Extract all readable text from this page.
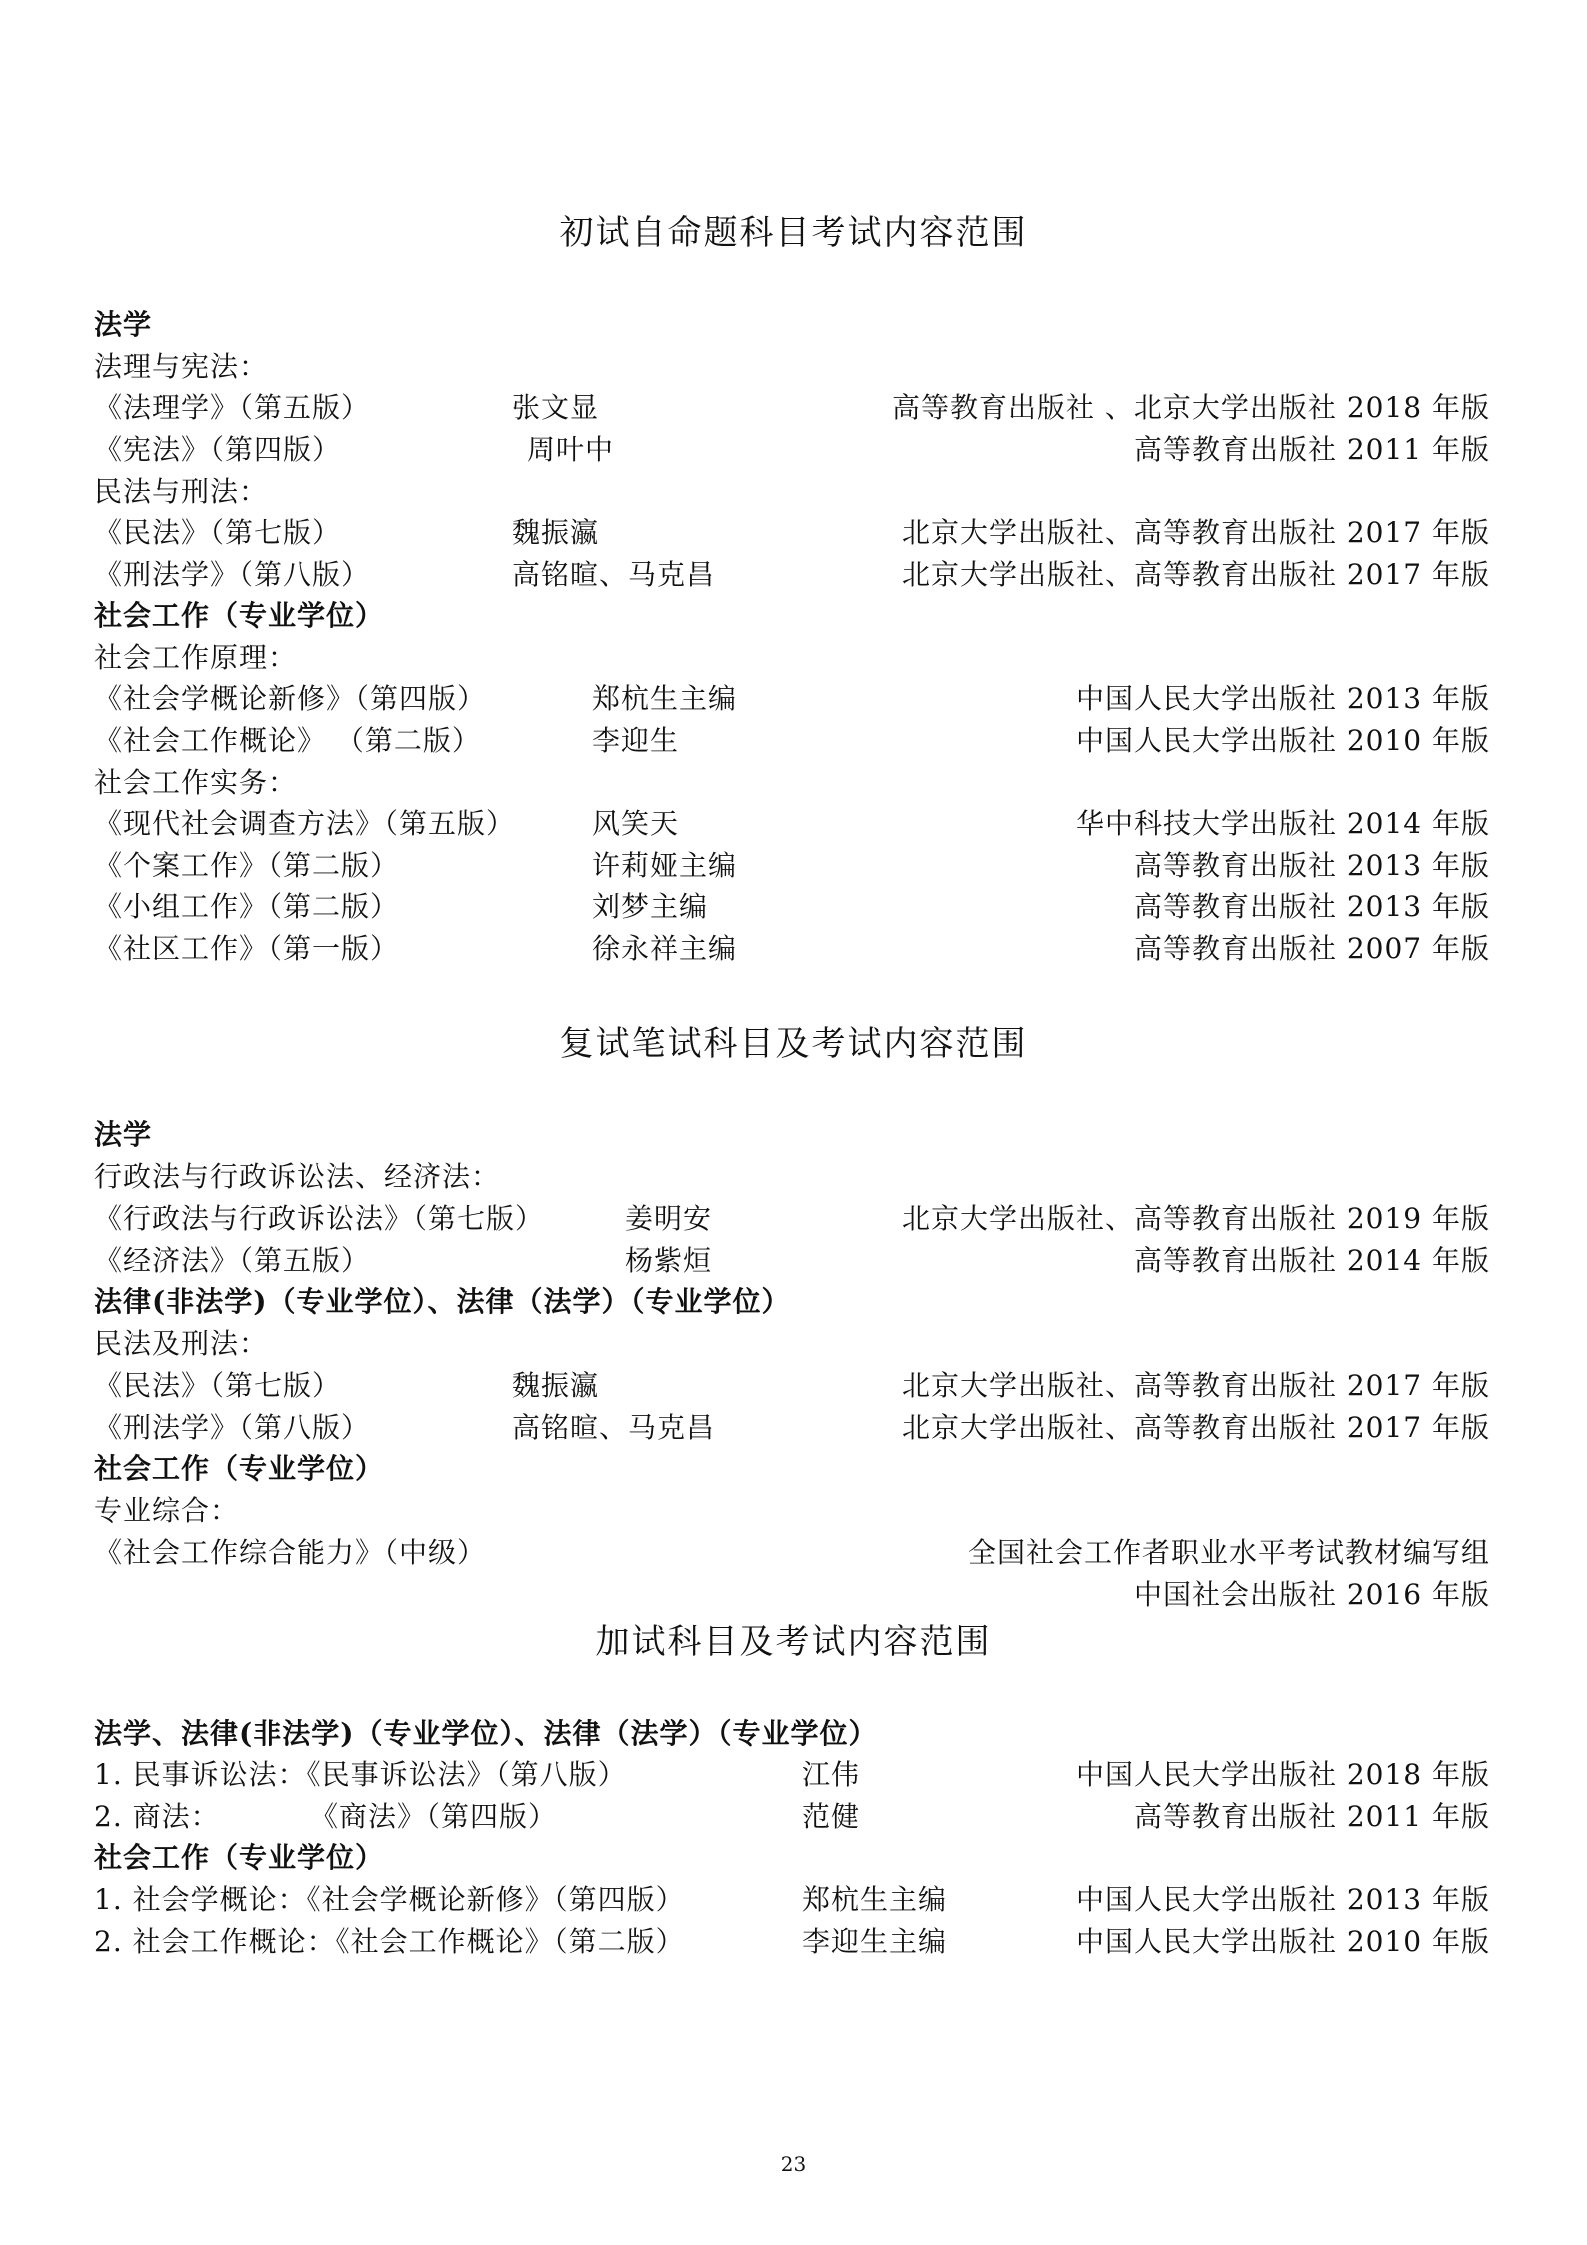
初试自命题科目考试内容范围
法学
法理与宪法：
《法理学》（第五版）	张文显	高等教育出版社 、北京大学出版社 2018 年版
《宪法》（第四版）	周叶中	高等教育出版社 2011 年版
民法与刑法：
《民法》（第七版）	魏振瀛	北京大学出版社、高等教育出版社 2017 年版
《刑法学》（第八版）	高铭暄、马克昌	北京大学出版社、高等教育出版社 2017 年版
社会工作（专业学位）
社会工作原理：
《社会学概论新修》（第四版）	郑杭生主编	中国人民大学出版社 2013 年版
《社会工作概论》 （第二版）	李迎生	中国人民大学出版社 2010 年版
社会工作实务：
《现代社会调查方法》（第五版）	风笑天	华中科技大学出版社 2014 年版
《个案工作》（第二版）	许莉娅主编	高等教育出版社 2013 年版
《小组工作》（第二版）	刘梦主编	高等教育出版社 2013 年版
《社区工作》（第一版）	徐永祥主编	高等教育出版社 2007 年版
复试笔试科目及考试内容范围
法学
行政法与行政诉讼法、经济法：
《行政法与行政诉讼法》（第七版）	姜明安	北京大学出版社、高等教育出版社 2019 年版
《经济法》（第五版）	杨紫烜	高等教育出版社 2014 年版
法律(非法学)（专业学位）、法律（法学）（专业学位）
民法及刑法：
《民法》（第七版）	魏振瀛	北京大学出版社、高等教育出版社 2017 年版
《刑法学》（第八版）	高铭暄、马克昌	北京大学出版社、高等教育出版社 2017 年版
社会工作（专业学位）
专业综合：
《社会工作综合能力》（中级）	全国社会工作者职业水平考试教材编写组
中国社会出版社 2016 年版
加试科目及考试内容范围
法学、法律(非法学)（专业学位）、法律（法学）（专业学位）
1. 民事诉讼法：《民事诉讼法》（第八版）	江伟	中国人民大学出版社 2018 年版
2. 商法：	《商法》（第四版）	范健	高等教育出版社 2011 年版
社会工作（专业学位）
1. 社会学概论：《社会学概论新修》（第四版）	郑杭生主编	中国人民大学出版社 2013 年版
2. 社会工作概论：《社会工作概论》（第二版）	李迎生主编	中国人民大学出版社 2010 年版
23
